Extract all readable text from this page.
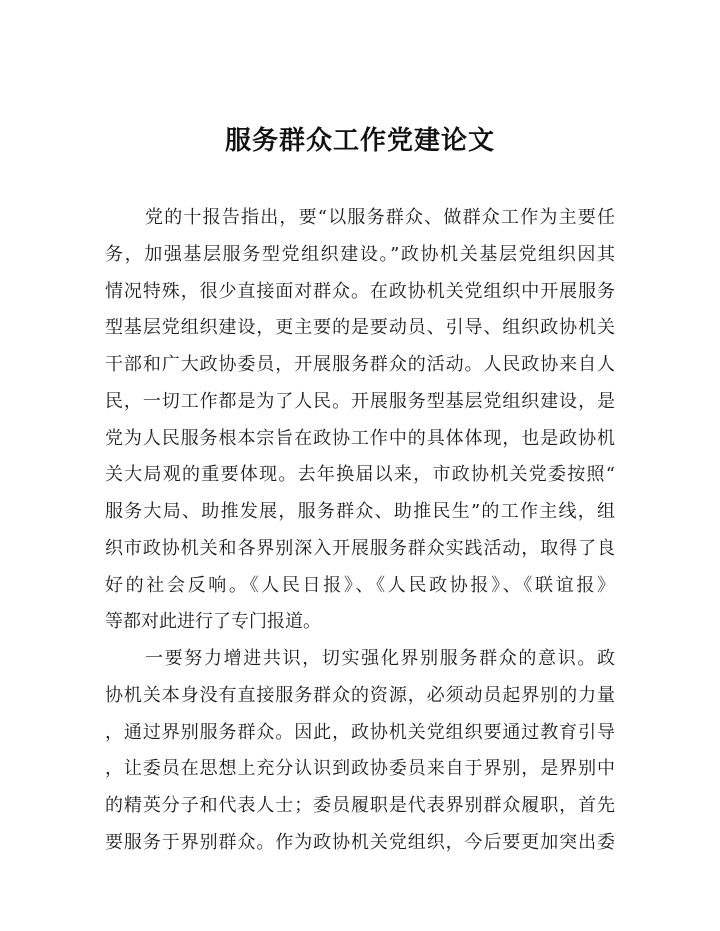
服务群众工作党建论文
党的十报告指出，要“以服务群众、做群众工作为主要任
务，加强基层服务型党组织建设。”政协机关基层党组织因其
情况特殊，很少直接面对群众。在政协机关党组织中开展服务
型基层党组织建设，更主要的是要动员、引导、组织政协机关
干部和广大政协委员，开展服务群众的活动。人民政协来自人
民，一切工作都是为了人民。开展服务型基层党组织建设，是
党为人民服务根本宗旨在政协工作中的具体体现，也是政协机
关大局观的重要体现。去年换届以来，市政协机关党委按照“
服务大局、助推发展，服务群众、助推民生”的工作主线，组
织市政协机关和各界别深入开展服务群众实践活动，取得了良
好的社会反响。《人民日报》、《人民政协报》、《联谊报》
等都对此进行了专门报道。
一要努力增进共识，切实强化界别服务群众的意识。政
协机关本身没有直接服务群众的资源，必须动员起界别的力量
，通过界别服务群众。因此，政协机关党组织要通过教育引导
，让委员在思想上充分认识到政协委员来自于界别，是界别中
的精英分子和代表人士；委员履职是代表界别群众履职，首先
要服务于界别群众。作为政协机关党组织，今后要更加突出委
